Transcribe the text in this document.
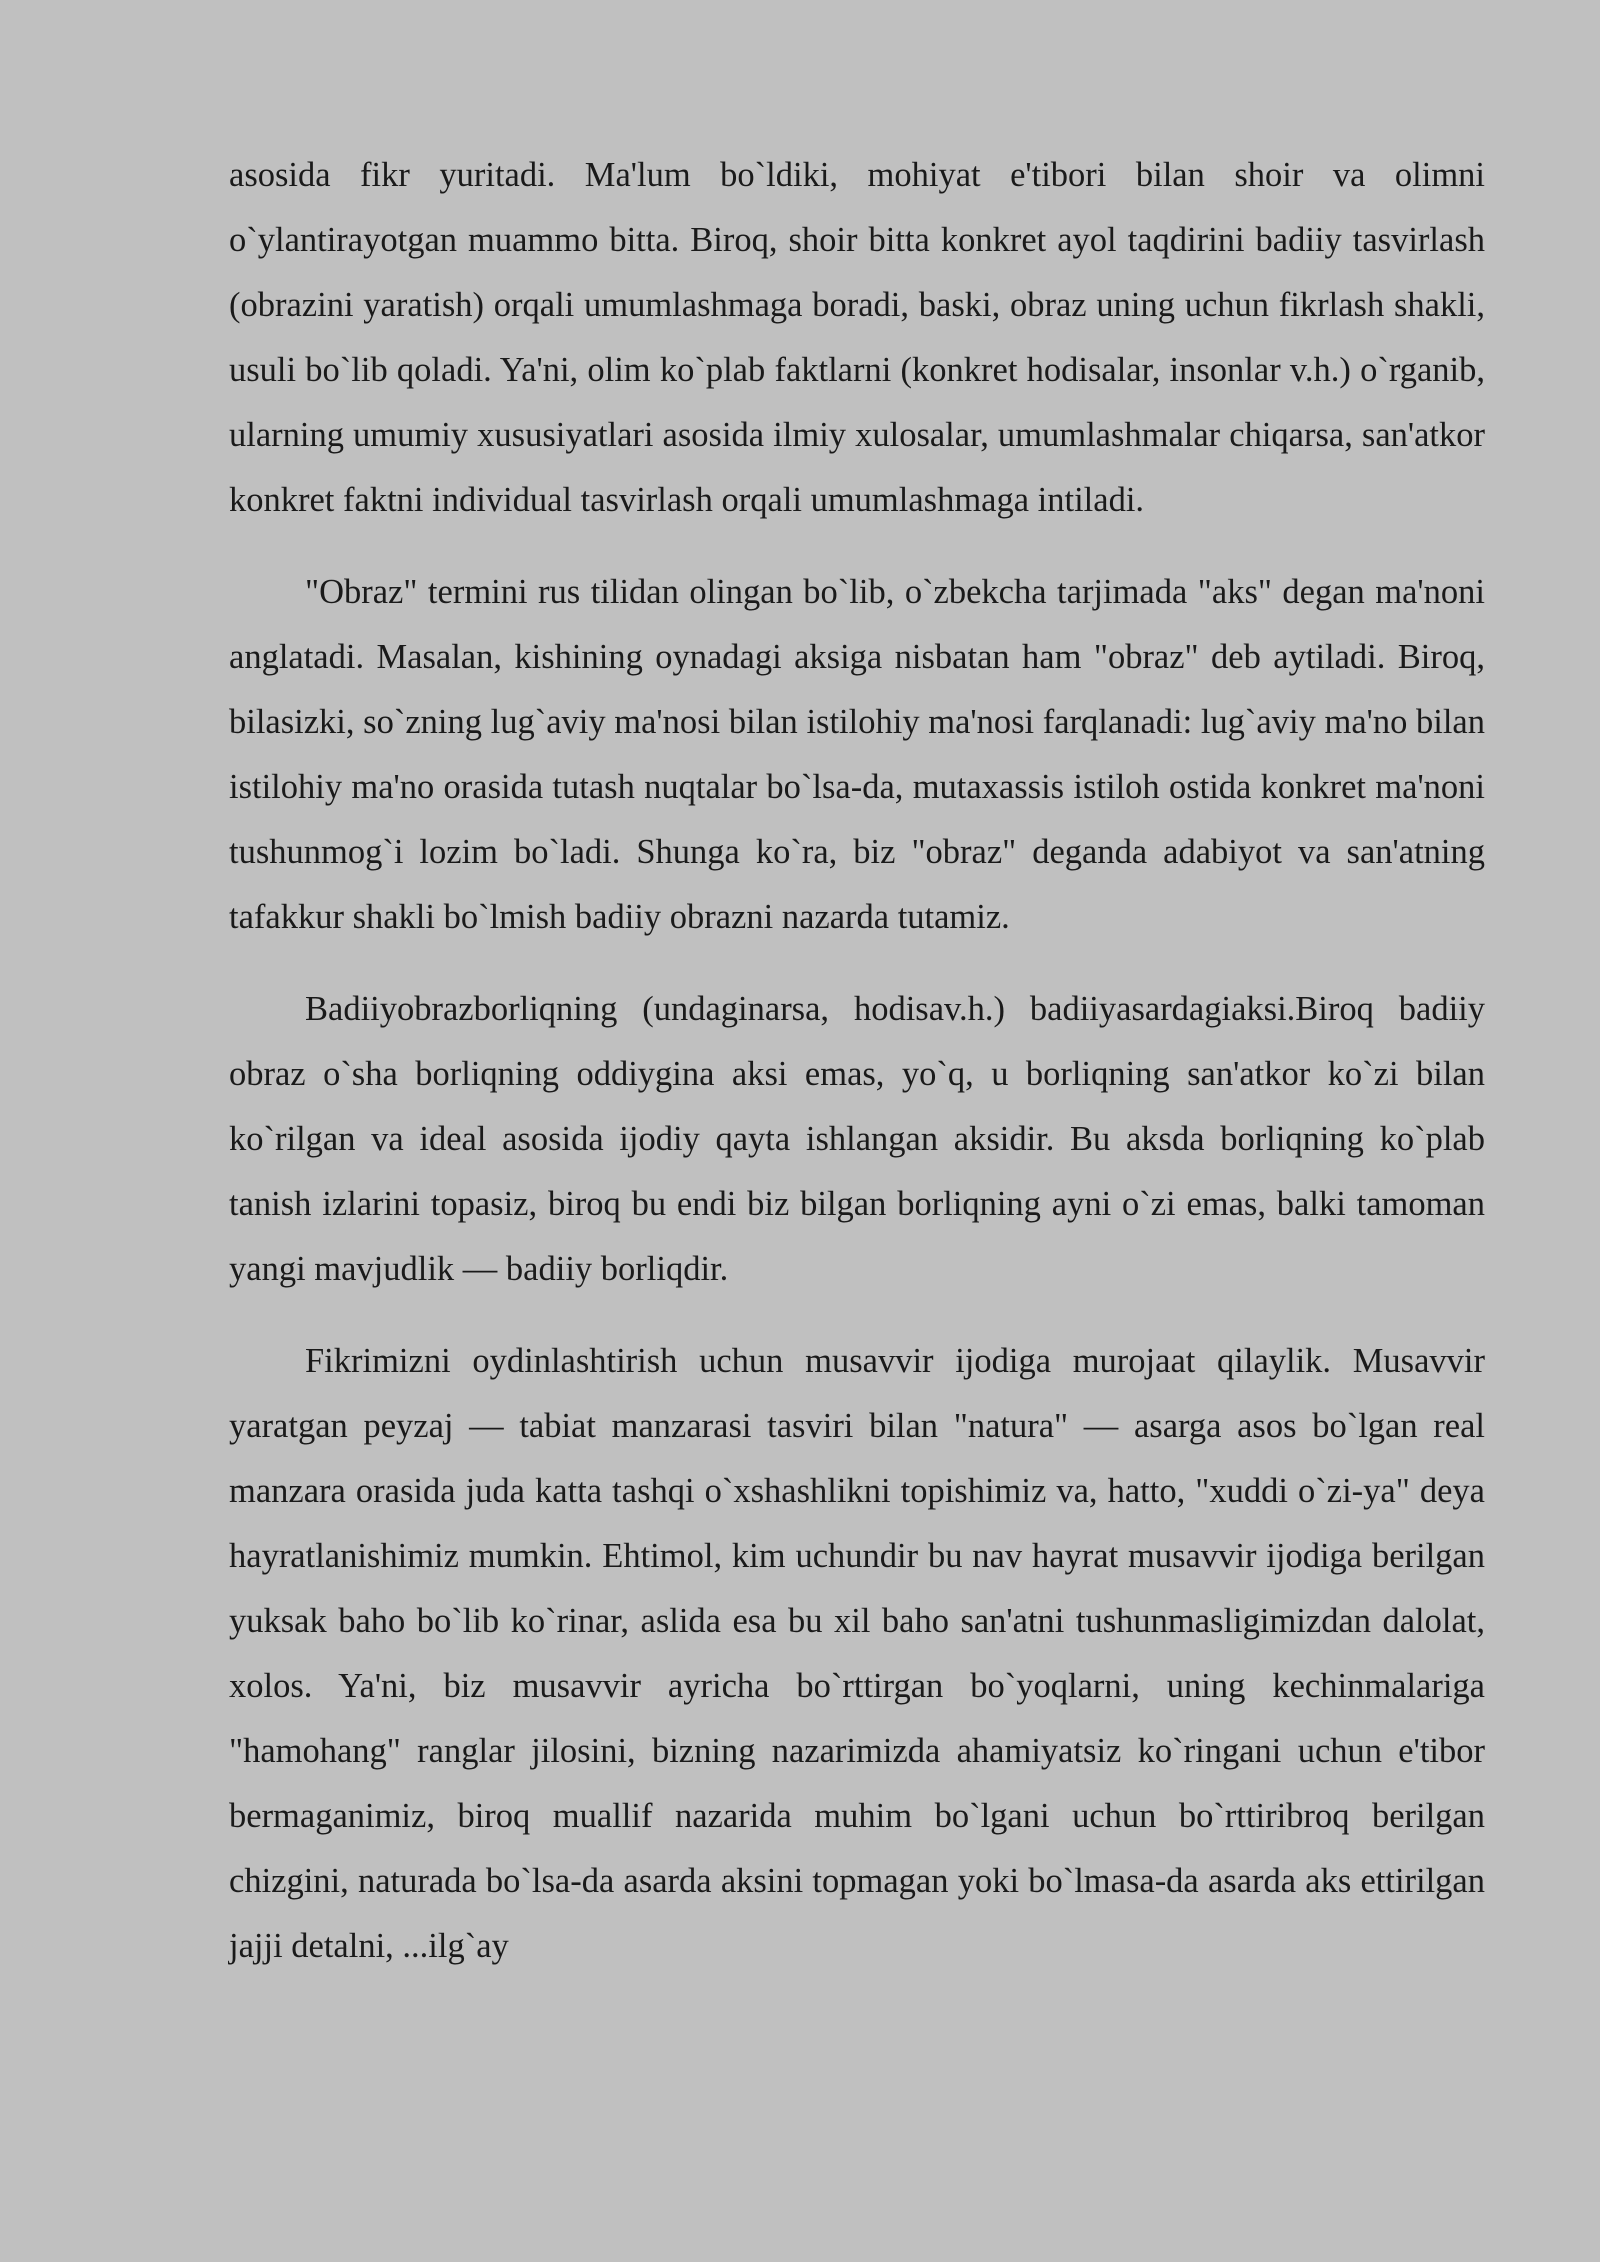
asosida fikr yuritadi. Ma'lum bo`ldiki, mohiyat e'tibori bilan shoir va olimni o`ylantirayotgan muammo bitta. Biroq, shoir bitta konkret ayol taqdirini badiiy tasvirlash (obrazini yaratish) orqali umumlashmaga boradi, baski, obraz uning uchun fikrlash shakli, usuli bo`lib qoladi. Ya'ni, olim ko`plab faktlarni (konkret hodisalar, insonlar v.h.) o`rganib, ularning umumiy xususiyatlari asosida ilmiy xulosalar, umumlashmalar chiqarsa, san'atkor konkret faktni individual tasvirlash orqali umumlashmaga intiladi.

"Obraz" termini rus tilidan olingan bo`lib, o`zbekcha tarjimada "aks" degan ma'noni anglatadi. Masalan, kishining oynadagi aksiga nisbatan ham "obraz" deb aytiladi. Biroq, bilasizki, so`zning lug`aviy ma'nosi bilan istilohiy ma'nosi farqlanadi: lug`aviy ma'no bilan istilohiy ma'no orasida tutash nuqtalar bo`lsa-da, mutaxassis istiloh ostida konkret ma'noni tushunmog`i lozim bo`ladi. Shunga ko`ra, biz "obraz" deganda adabiyot va san'atning tafakkur shakli bo`lmish badiiy obrazni nazarda tutamiz.

Badiiyobrazborliqning (undaginarsa, hodisav.h.) badiiyasardagiaksi.Biroq badiiy obraz o`sha borliqning oddiygina aksi emas, yo`q, u borliqning san'atkor ko`zi bilan ko`rilgan va ideal asosida ijodiy qayta ishlangan aksidir. Bu aksda borliqning ko`plab tanish izlarini topasiz, biroq bu endi biz bilgan borliqning ayni o`zi emas, balki tamoman yangi mavjudlik — badiiy borliqdir.

Fikrimizni oydinlashtirish uchun musavvir ijodiga murojaat qilaylik. Musavvir yaratgan peyzaj — tabiat manzarasi tasviri bilan "natura" — asarga asos bo`lgan real manzara orasida juda katta tashqi o`xshashlikni topishimiz va, hatto, "xuddi o`zi-ya" deya hayratlanishimiz mumkin. Ehtimol, kim uchundir bu nav hayrat musavvir ijodiga berilgan yuksak baho bo`lib ko`rinar, aslida esa bu xil baho san'atni tushunmasligimizdan dalolat, xolos. Ya'ni, biz musavvir ayricha bo`rttirgan bo`yoqlarni, uning kechinmalariga "hamohang" ranglar jilosini, bizning nazarimizda ahamiyatsiz ko`ringani uchun e'tibor bermaganimiz, biroq muallif nazarida muhim bo`lgani uchun bo`rttiribroq berilgan chizgini, naturada bo`lsa-da asarda aksini topmagan yoki bo`lmasa-da asarda aks ettirilgan jajji detalni, ...ilg`ay
